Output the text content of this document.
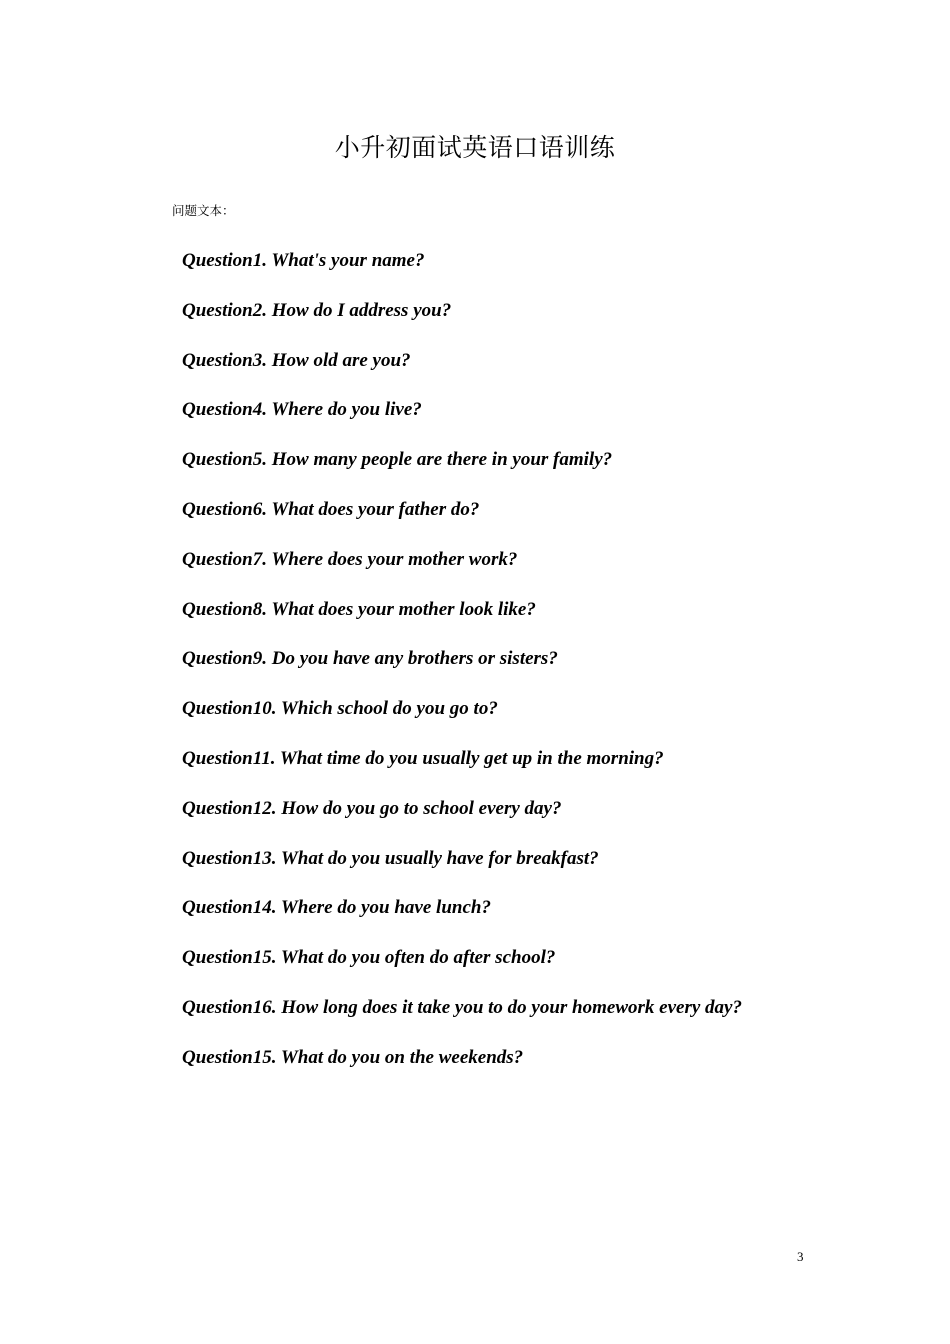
小升初面试英语口语训练
问题文本：
Question1. What's your name?
Question2. How do I address you?
Question3. How old are you?
Question4. Where do you live?
Question5. How many people are there in your family?
Question6. What does your father do?
Question7. Where does your mother work?
Question8. What does your mother look like?
Question9. Do you have any brothers or sisters?
Question10. Which school do you go to?
Question11. What time do you usually get up in the morning?
Question12. How do you go to school every day?
Question13. What do you usually have for breakfast?
Question14. Where do you have lunch?
Question15. What do you often do after school?
Question16. How long does it take you to do your homework every day?
Question15. What do you on the weekends?
3
